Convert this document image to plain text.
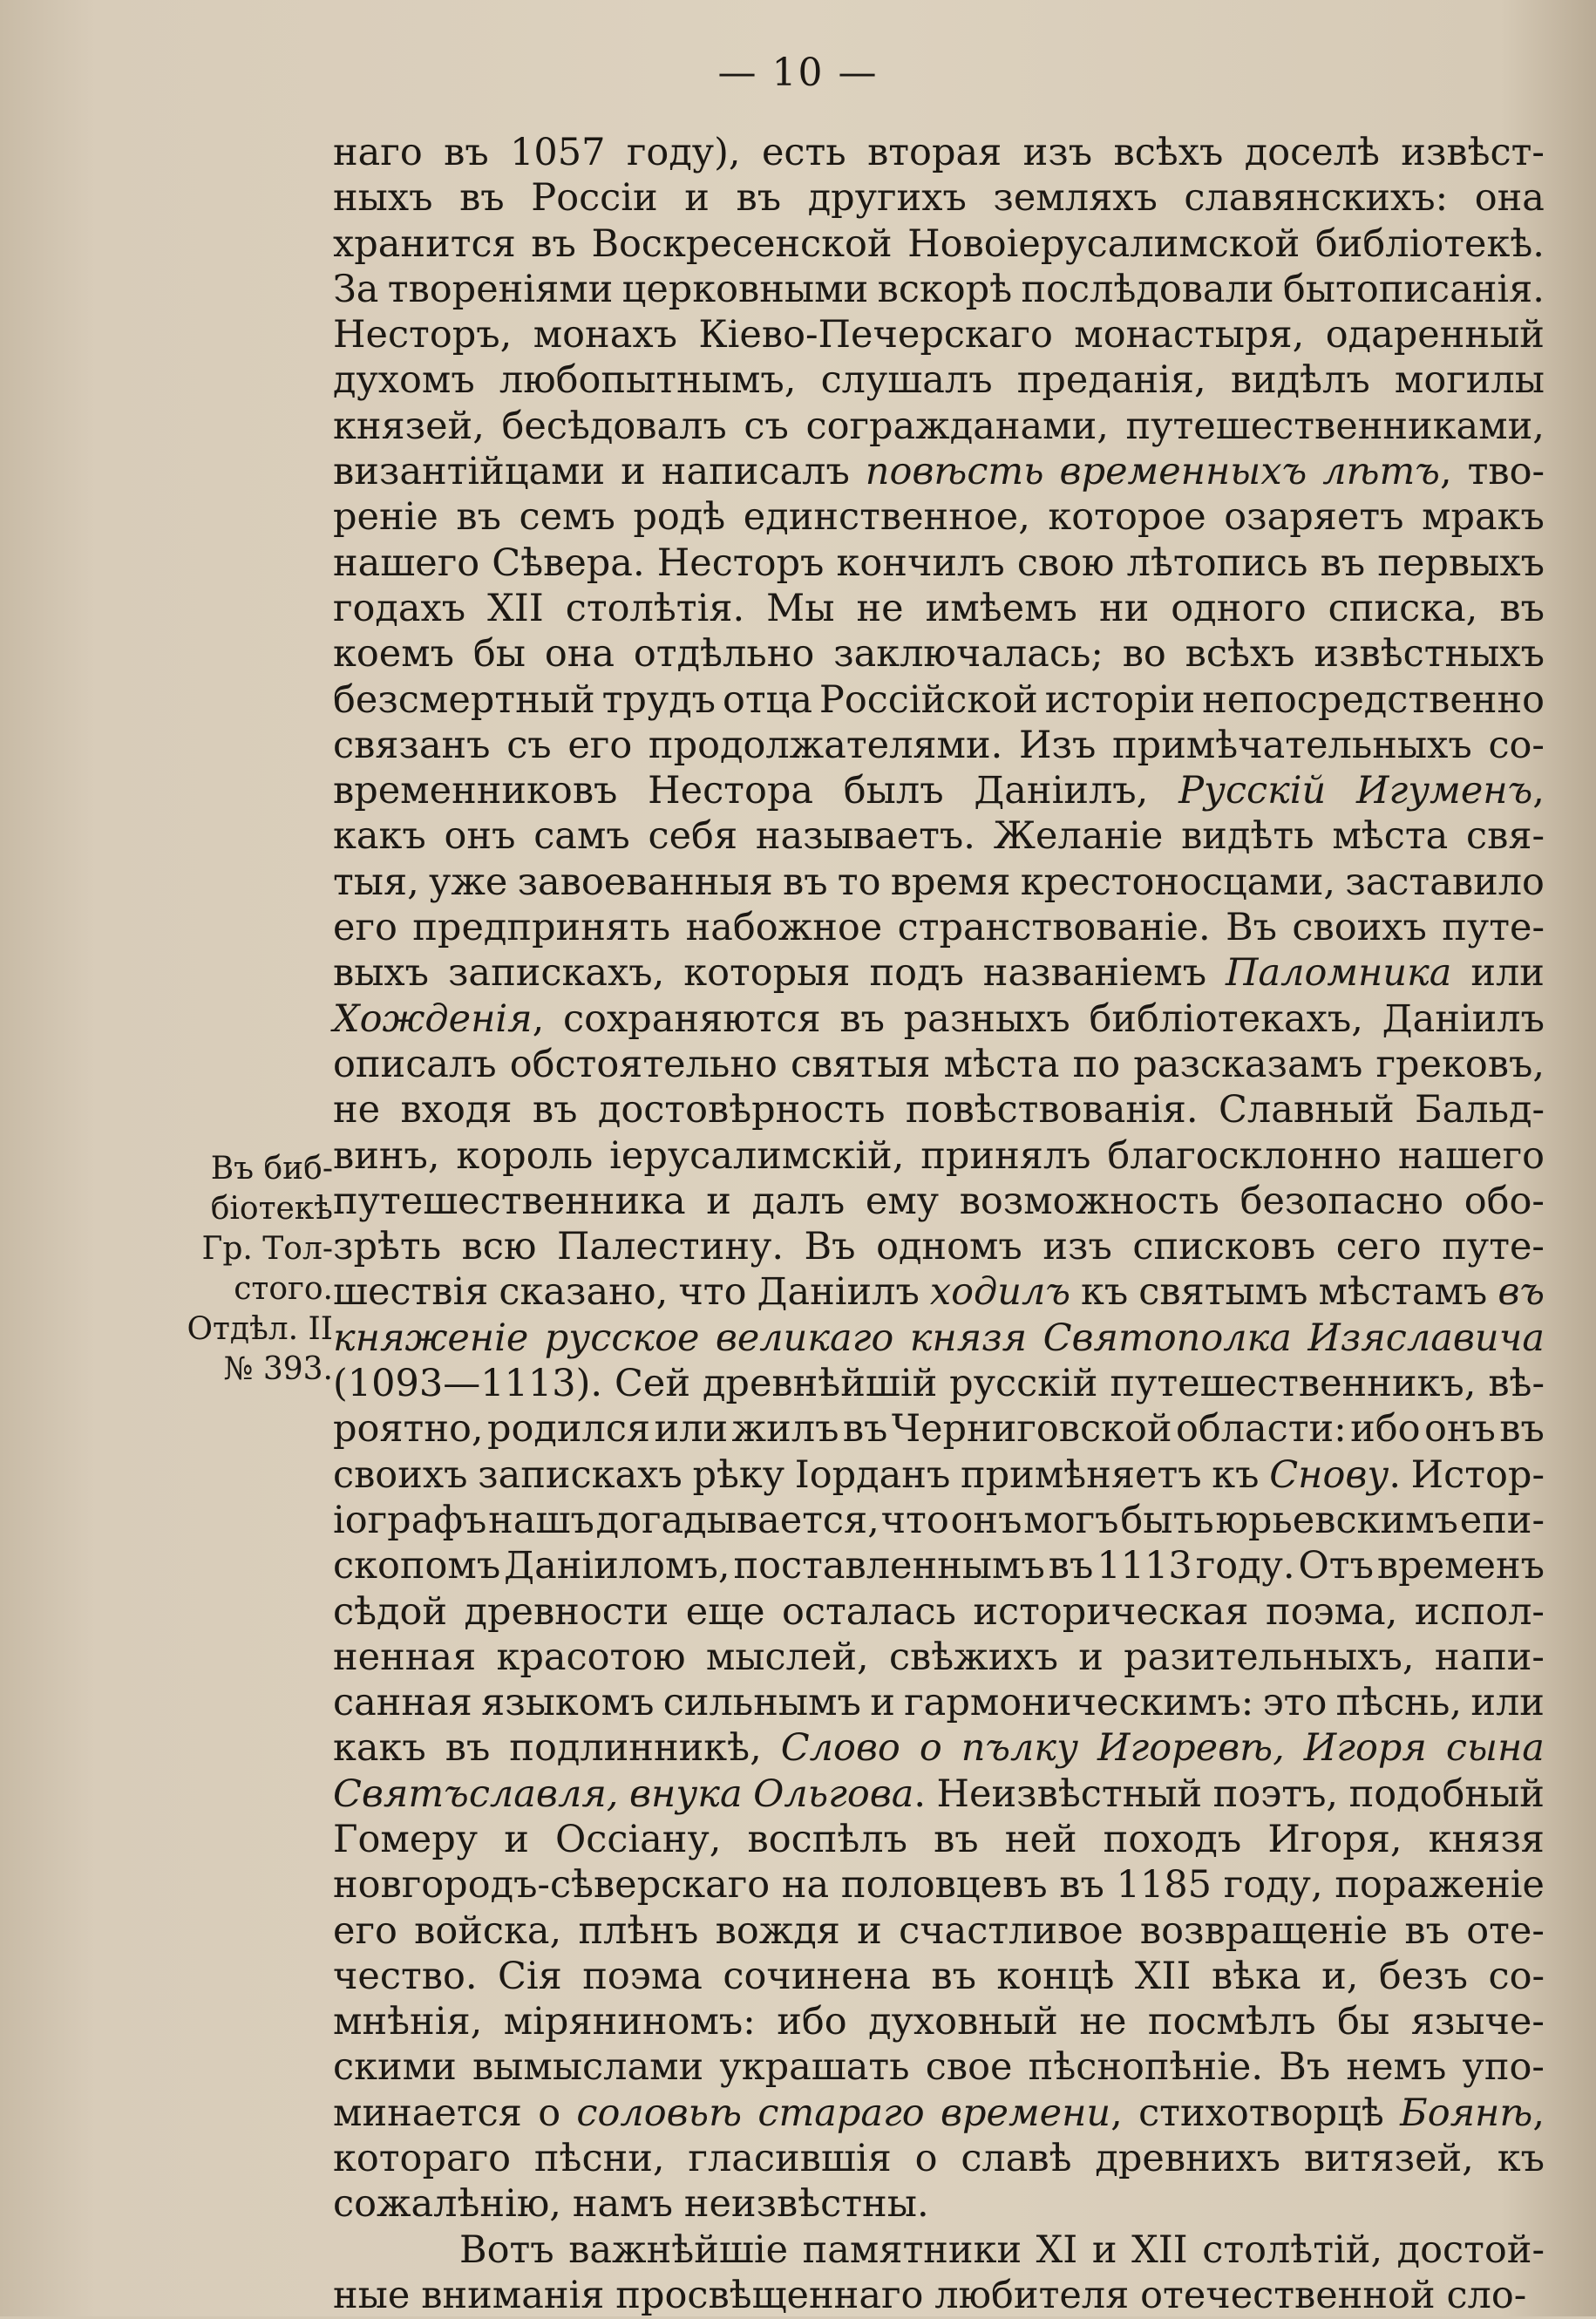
— 10 —
Въ биб-
біотекѣ
Гр. Тол-
стого.
Отдѣл. II
№ 393.
наго въ 1057 году), есть вторая изъ всѣхъ доселѣ извѣст-
ныхъ въ Россіи и въ другихъ земляхъ славянскихъ: она
хранится въ Воскресенской Новоіерусалимской библіотекѣ.
За твореніями церковными вскорѣ послѣдовали бытописанія.
Несторъ, монахъ Кіево-Печерскаго монастыря, одаренный
духомъ любопытнымъ, слушалъ преданія, видѣлъ могилы
князей, бесѣдовалъ съ согражданами, путешественниками,
византійцами и написалъ повѣсть временныхъ лѣтъ, тво-
реніе въ семъ родѣ единственное, которое озаряетъ мракъ
нашего Сѣвера. Несторъ кончилъ свою лѣтопись въ первыхъ
годахъ XII столѣтія. Мы не имѣемъ ни одного списка, въ
коемъ бы она отдѣльно заключалась; во всѣхъ извѣстныхъ
безсмертный трудъ отца Россійской исторіи непосредственно
связанъ съ его продолжателями. Изъ примѣчательныхъ со-
временниковъ Нестора былъ Даніилъ, Русскій Игуменъ,
какъ онъ самъ себя называетъ. Желаніе видѣть мѣста свя-
тыя, уже завоеванныя въ то время крестоносцами, заставило
его предпринять набожное странствованіе. Въ своихъ путе-
выхъ запискахъ, которыя подъ названіемъ Паломника или
Хожденія, сохраняются въ разныхъ библіотекахъ, Даніилъ
описалъ обстоятельно святыя мѣста по разсказамъ грековъ,
не входя въ достовѣрность повѣствованія. Славный Бальд-
винъ, король іерусалимскій, принялъ благосклонно нашего
путешественника и далъ ему возможность безопасно обо-
зрѣть всю Палестину. Въ одномъ изъ списковъ сего путе-
шествія сказано, что Даніилъ ходилъ къ святымъ мѣстамъ въ
княженіе русское великаго князя Святополка Изяславича
(1093—1113). Сей древнѣйшій русскій путешественникъ, вѣ-
роятно, родился или жилъ въ Черниговской области: ибо онъ въ
своихъ запискахъ рѣку Іорданъ примѣняетъ къ Снову. Истор-
іографъ нашъ догадывается, что онъ могъ быть юрьевскимъ епи-
скопомъ Даніиломъ, поставленнымъ въ 1113 году. Отъ временъ
сѣдой древности еще осталась историческая поэма, испол-
ненная красотою мыслей, свѣжихъ и разительныхъ, напи-
санная языкомъ сильнымъ и гармоническимъ: это пѣснь, или
какъ въ подлинникѣ, Слово о пълку Игоревѣ, Игоря сына
Святъславля, внука Ольгова. Неизвѣстный поэтъ, подобный
Гомеру и Оссіану, воспѣлъ въ ней походъ Игоря, князя
новгородъ-сѣверскаго на половцевъ въ 1185 году, пораженіе
его войска, плѣнъ вождя и счастливое возвращеніе въ оте-
чество. Сія поэма сочинена въ концѣ XII вѣка и, безъ со-
мнѣнія, міряниномъ: ибо духовный не посмѣлъ бы языче-
скими вымыслами украшать свое пѣснопѣніе. Въ немъ упо-
минается о соловьѣ стараго времени, стихотворцѣ Боянѣ,
котораго пѣсни, гласившія о славѣ древнихъ витязей, къ
сожалѣнію, намъ неизвѣстны.
Вотъ важнѣйшіе памятники XI и XII столѣтій, достой-
ные вниманія просвѣщеннаго любителя отечественной сло-
